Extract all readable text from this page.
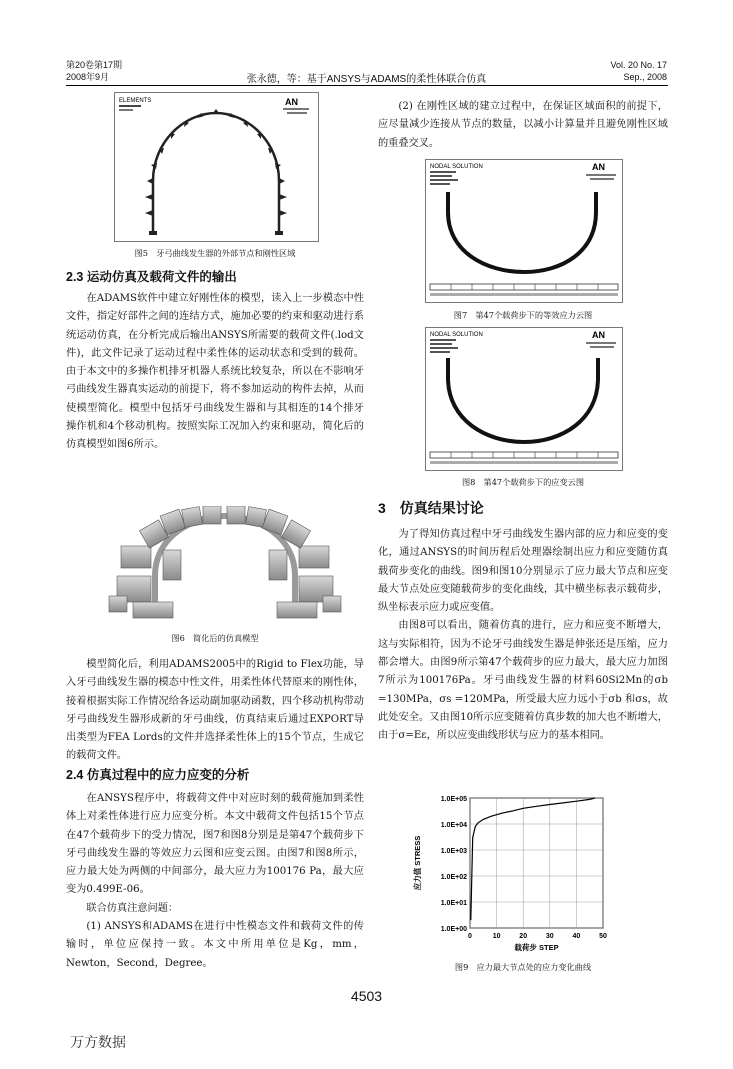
第20卷第17期
2008年9月	张永德，等：基于ANSYS与ADAMS的柔性体联合仿真
Vol. 20 No. 17
Sep., 2008
ELEMENTS	AN
图5　牙弓曲线发生器的外部节点和刚性区域

2.3 运动仿真及载荷文件的输出

在ADAMS软件中建立好刚性体的模型，读入上一步模态中性文件，指定好部件之间的连结方式，施加必要的约束和驱动进行系统运动仿真，在分析完成后输出ANSYS所需要的载荷文件(.lod文件)，此文件记录了运动过程中柔性体的运动状态和受到的载荷。由于本文中的多操作机排牙机器人系统比较复杂，所以在不影响牙弓曲线发生器真实运动的前提下，将不参加运动的构件去掉，从而使模型简化。模型中包括牙弓曲线发生器和与其相连的14个排牙操作机和4个移动机构。按照实际工况加入约束和驱动，简化后的仿真模型如图6所示。

图6　简化后的仿真模型

模型简化后，利用ADAMS2005中的Rigid to Flex功能，导入牙弓曲线发生器的模态中性文件，用柔性体代替原来的刚性体，接着根据实际工作情况给各运动副加驱动函数，四个移动机构带动牙弓曲线发生器形成新的牙弓曲线，仿真结束后通过EXPORT导出类型为FEA Lords的文件并选择柔性体上的15个节点，生成它的载荷文件。

2.4 仿真过程中的应力应变的分析

在ANSYS程序中，将载荷文件中对应时刻的载荷施加到柔性体上对柔性体进行应力应变分析。本文中载荷文件包括15个节点在47个载荷步下的受力情况，图7和图8分别是是第47个载荷步下牙弓曲线发生器的等效应力云图和应变云图。由图7和图8所示，应力最大处为两侧的中间部分，最大应力为100176 Pa，最大应变为0.499E-06。

联合仿真注意问题：

(1) ANSYS和ADAMS在进行中性模态文件和载荷文件的传输时，单位应保持一致。本文中所用单位是Kg，mm，Newton，Second，Degree。

(2) 在刚性区域的建立过程中，在保证区域面积的前提下，应尽量减少连接从节点的数量，以减小计算量并且避免刚性区域的重叠交叉。

NODAL SOLUTION	AN
图7　第47个载荷步下的等效应力云图
NODAL SOLUTION	AN
图8　第47个载荷步下的应变云图

3　仿真结果讨论

为了得知仿真过程中牙弓曲线发生器内部的应力和应变的变化，通过ANSYS的时间历程后处理器绘制出应力和应变随仿真载荷步变化的曲线。图9和图10分别显示了应力最大节点和应变最大节点处应变随载荷步的变化曲线，其中横坐标表示载荷步，纵坐标表示应力或应变值。

由图8可以看出，随着仿真的进行，应力和应变不断增大，这与实际相符，因为不论牙弓曲线发生器是伸张还是压缩，应力都会增大。由图9所示第47个载荷步的应力最大，最大应力加图7所示为100176Pa。牙弓曲线发生器的材料60Si2Mn的σb =130MPa，σs =120MPa，所受最大应力远小于σb 和σs，故此处安全。又由图10所示应变随着仿真步数的加大也不断增大，由于σ=Eε，所以应变曲线形状与应力的基本相同。

1.0E+00
1.0E+01
1.0E+02
1.0E+03
1.0E+04
1.0E+05
0	10	20	30	40	50
载荷步 STEP
应力值 STRESS
图9　应力最大节点处的应力变化曲线
4503
万方数据
